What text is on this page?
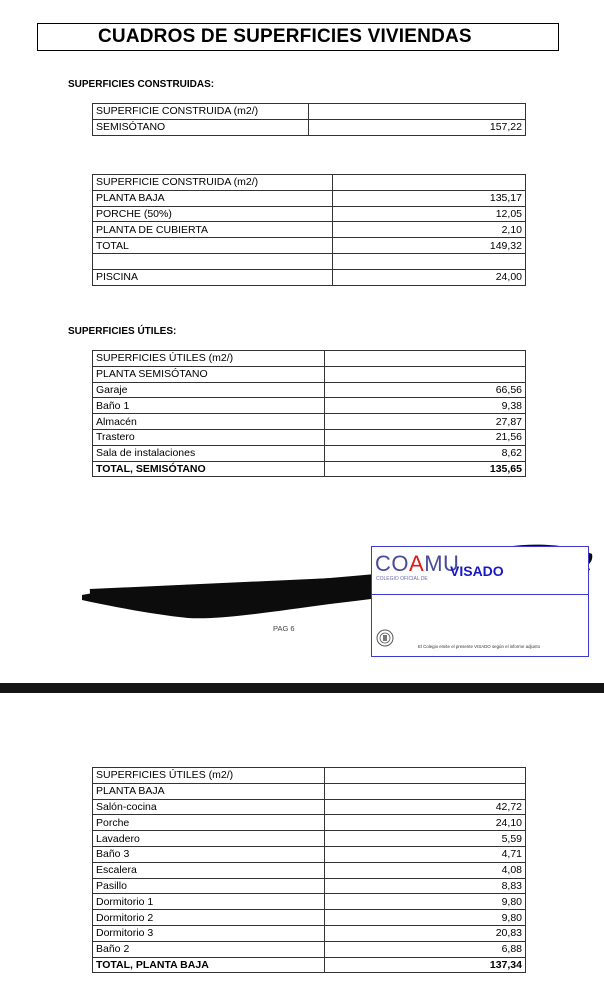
CUADROS DE SUPERFICIES VIVIENDAS
SUPERFICIES CONSTRUIDAS:
SUPERFICIE CONSTRUIDA (m2/)	
SEMISÓTANO	157,22
SUPERFICIE CONSTRUIDA (m2/)	
PLANTA BAJA	135,17
PORCHE (50%)	12,05
PLANTA DE CUBIERTA	2,10
TOTAL	149,32

PISCINA	24,00
SUPERFICIES ÚTILES:
SUPERFICIES ÚTILES (m2/)	
PLANTA SEMISÓTANO	
Garaje	66,56
Baño 1	9,38
Almacén	27,87
Trastero	21,56
Sala de instalaciones	8,62
TOTAL, SEMISÓTANO	135,65
COAMU
COLEGIO OFICIAL DE VISADO
El Colegio emite el presente VISADO según el informe adjunto
PAG 6
SUPERFICIES ÚTILES (m2/)	
PLANTA BAJA	
Salón-cocina	42,72
Porche	24,10
Lavadero	5,59
Baño 3	4,71
Escalera	4,08
Pasillo	8,83
Dormitorio 1	9,80
Dormitorio 2	9,80
Dormitorio 3	20,83
Baño 2	6,88
TOTAL, PLANTA BAJA	137,34
